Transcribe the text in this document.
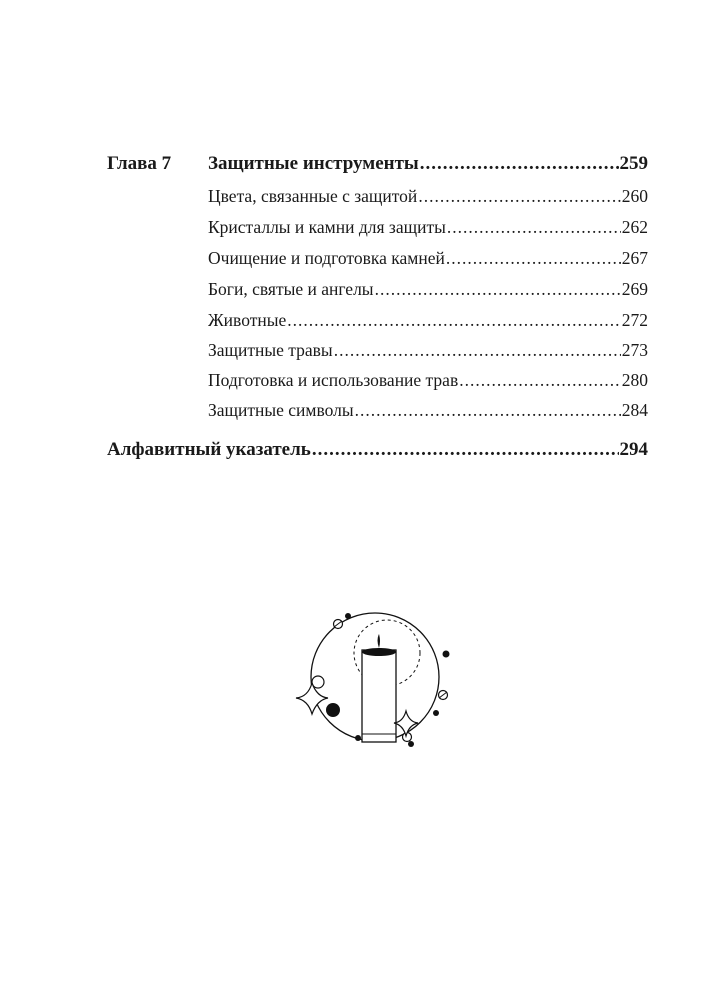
Глава 7 Защитные инструменты .....	259
Цвета, связанные с защитой .....	260
Кристаллы и камни для защиты .....	262
Очищение и подготовка камней .....	267
Боги, святые и ангелы .....	269
Животные .....	272
Защитные травы .....	273
Подготовка и использование трав .....	280
Защитные символы .....	284
Алфавитный указатель .....	294
